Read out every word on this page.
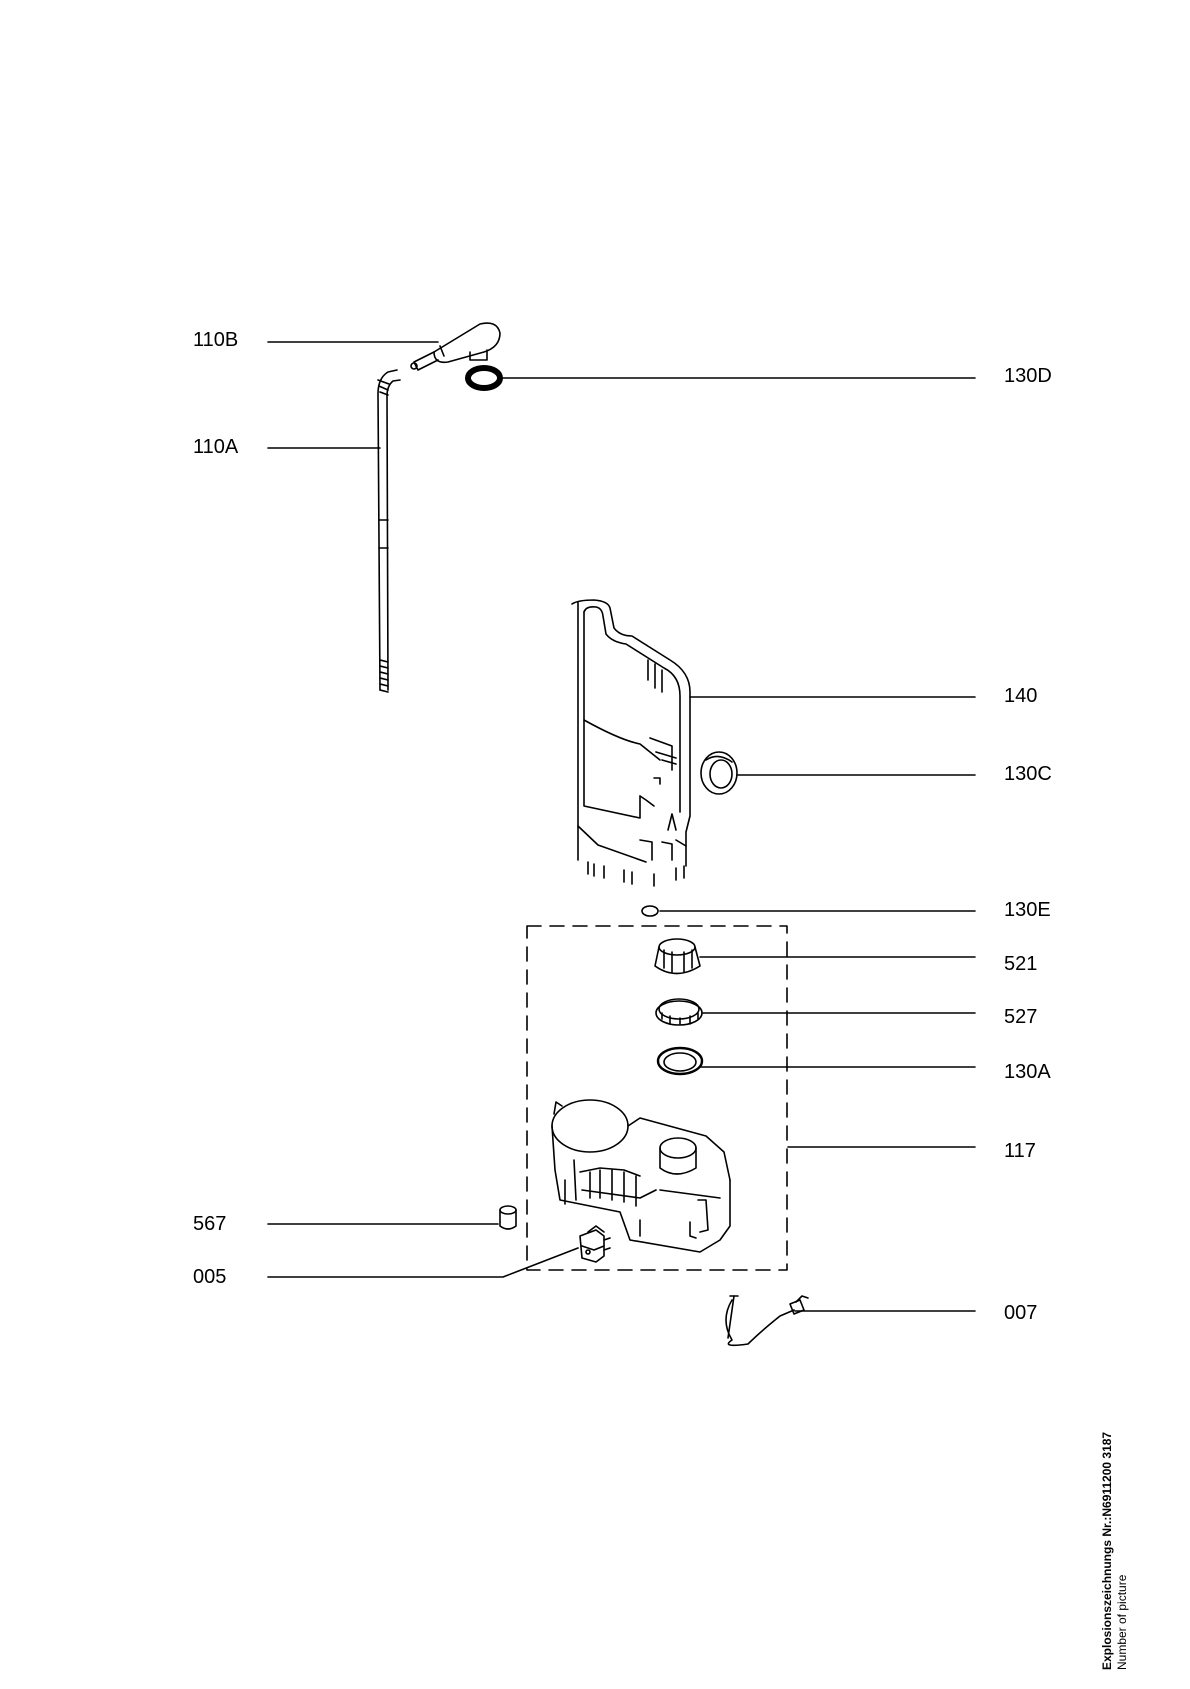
110B
110A
130D
140
130C
130E
521
527
130A
117
567
005
007
Explosionszeichnungs Nr.:N6911200 3187 Number of picture
